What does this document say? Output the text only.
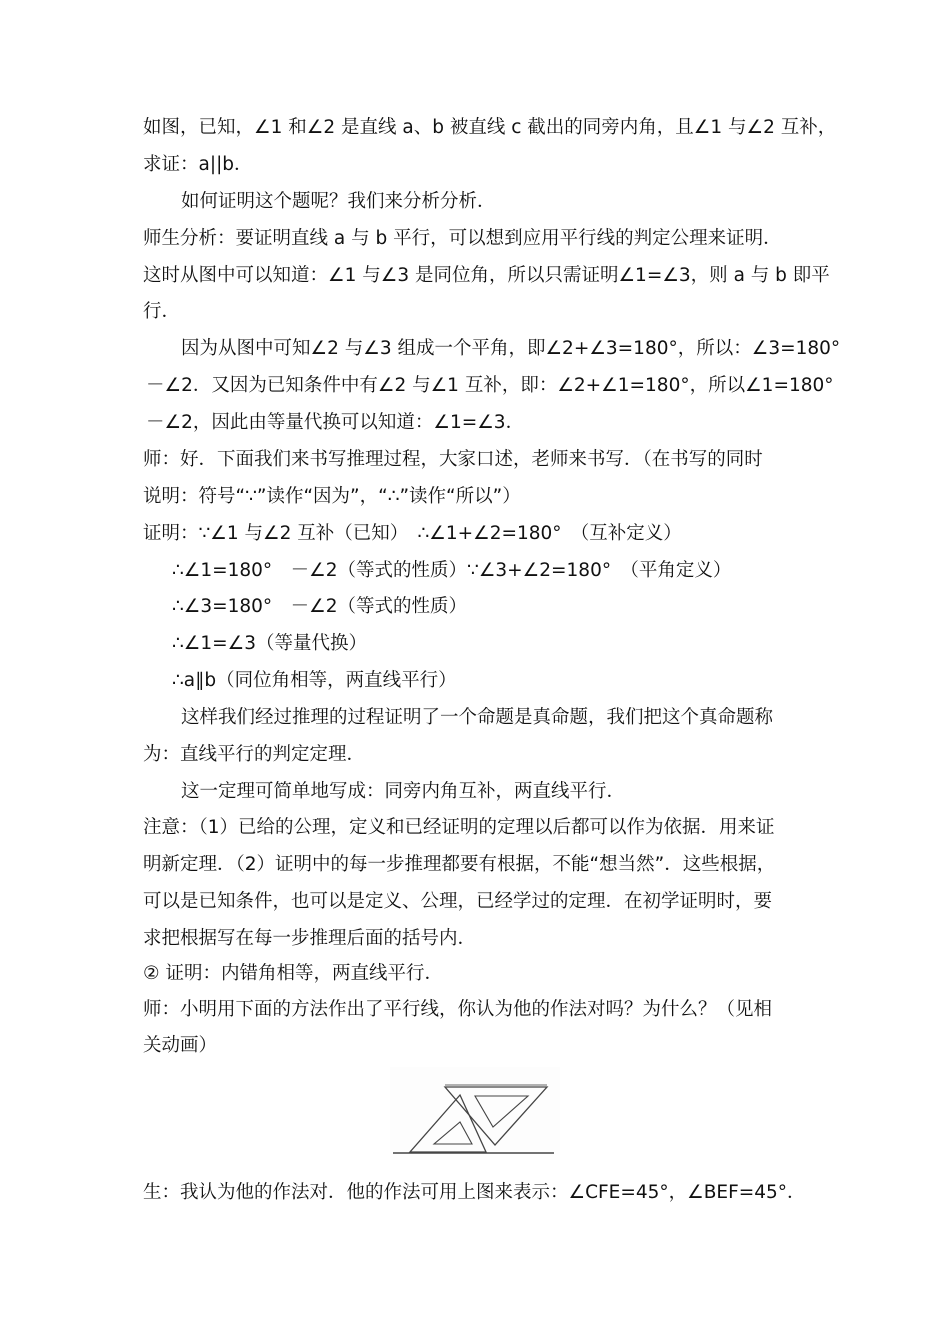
如图，已知，∠1 和∠2 是直线 a、b 被直线 c 截出的同旁内角，且∠1 与∠2 互补，
求证：a||b．
如何证明这个题呢？我们来分析分析．
师生分析：要证明直线 a 与 b 平行，可以想到应用平行线的判定公理来证明．
这时从图中可以知道：∠1 与∠3 是同位角，所以只需证明∠1=∠3，则 a 与 b 即平
行．
因为从图中可知∠2 与∠3 组成一个平角，即∠2+∠3=180°，所以：∠3=180°
－∠2．又因为已知条件中有∠2 与∠1 互补，即：∠2+∠1=180°，所以∠1=180°
－∠2，因此由等量代换可以知道：∠1=∠3．
师：好．下面我们来书写推理过程，大家口述，老师来书写．（在书写的同时
说明：符号“∵”读作“因为”，“∴”读作“所以”）
证明：∵∠1 与∠2 互补（已知）　∴∠1+∠2=180°　（互补定义）
∴∠1=180°　－∠2（等式的性质）∵∠3+∠2=180°　（平角定义）
∴∠3=180°　－∠2（等式的性质）
∴∠1=∠3（等量代换）
∴a∥b（同位角相等，两直线平行）
这样我们经过推理的过程证明了一个命题是真命题，我们把这个真命题称
为：直线平行的判定定理．
这一定理可简单地写成：同旁内角互补，两直线平行．
注意：（1）已给的公理，定义和已经证明的定理以后都可以作为依据．用来证
明新定理．（2）证明中的每一步推理都要有根据，不能“想当然”．这些根据，
可以是已知条件，也可以是定义、公理，已经学过的定理．在初学证明时，要
求把根据写在每一步推理后面的括号内．
② 证明：内错角相等，两直线平行．
师：小明用下面的方法作出了平行线，你认为他的作法对吗？为什么？（见相
关动画）
生：我认为他的作法对．他的作法可用上图来表示：∠CFE=45°，∠BEF=45°．
